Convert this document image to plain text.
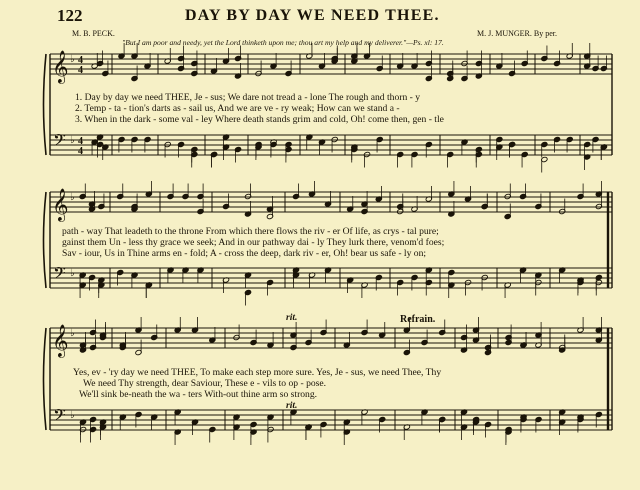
122	DAY BY DAY WE NEED THEE.
M. B. PECK.	M. J. MUNGER. By per.
"But I am poor and needy, yet the Lord thinketh upon me; thou art my help and my deliverer."—Ps. xl: 17.
𝄞
𝄢
4
4
4
4
♭
♭
𝄞
𝄢
♭
♭
𝄞
𝄢
♭
♭
1. Day by day we need THEE, Je - sus; We dare not tread a - lone The rough and thorn - y
2. Temp - ta - tion's darts as - sail us, And we are ve - ry weak; How can we stand a -
3. When in the dark - some val - ley Where death stands grim and cold, Oh! come then, gen - tle
path - way That leadeth to the throne From which there flows the riv - er Of life, as crys - tal pure;
gainst them Un - less thy grace we seek; And in our pathway dai - ly They lurk there, venom'd foes;
Sav - iour, Us in Thine arms en - fold; A - cross the deep, dark riv - er, Oh! bear us safe - ly on;
rit.	Refrain.
Yes, ev - 'ry day we need THEE, To make each step more sure. Yes, Je - sus, we need Thee, Thy
We need Thy strength, dear Saviour, These e - vils to op - pose.
We'll sink be-neath the wa - ters With-out thine arm so strong.
rit.
